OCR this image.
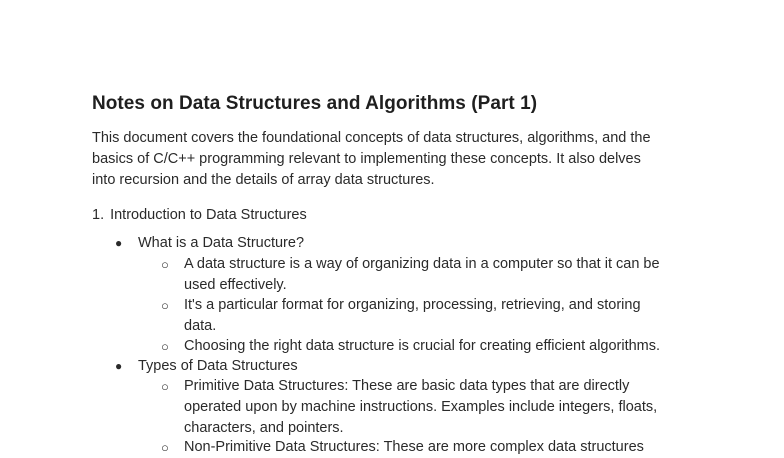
Notes on Data Structures and Algorithms (Part 1)

This document covers the foundational concepts of data structures, algorithms, and the
basics of C/C++ programming relevant to implementing these concepts. It also delves
into recursion and the details of array data structures.

1. Introduction to Data Structures
● What is a Data Structure?
○ A data structure is a way of organizing data in a computer so that it can be
used effectively.
○ It's a particular format for organizing, processing, retrieving, and storing
data.
○ Choosing the right data structure is crucial for creating efficient algorithms.
● Types of Data Structures
○ Primitive Data Structures: These are basic data types that are directly
operated upon by machine instructions. Examples include integers, floats,
characters, and pointers.
○ Non-Primitive Data Structures: These are more complex data structures
